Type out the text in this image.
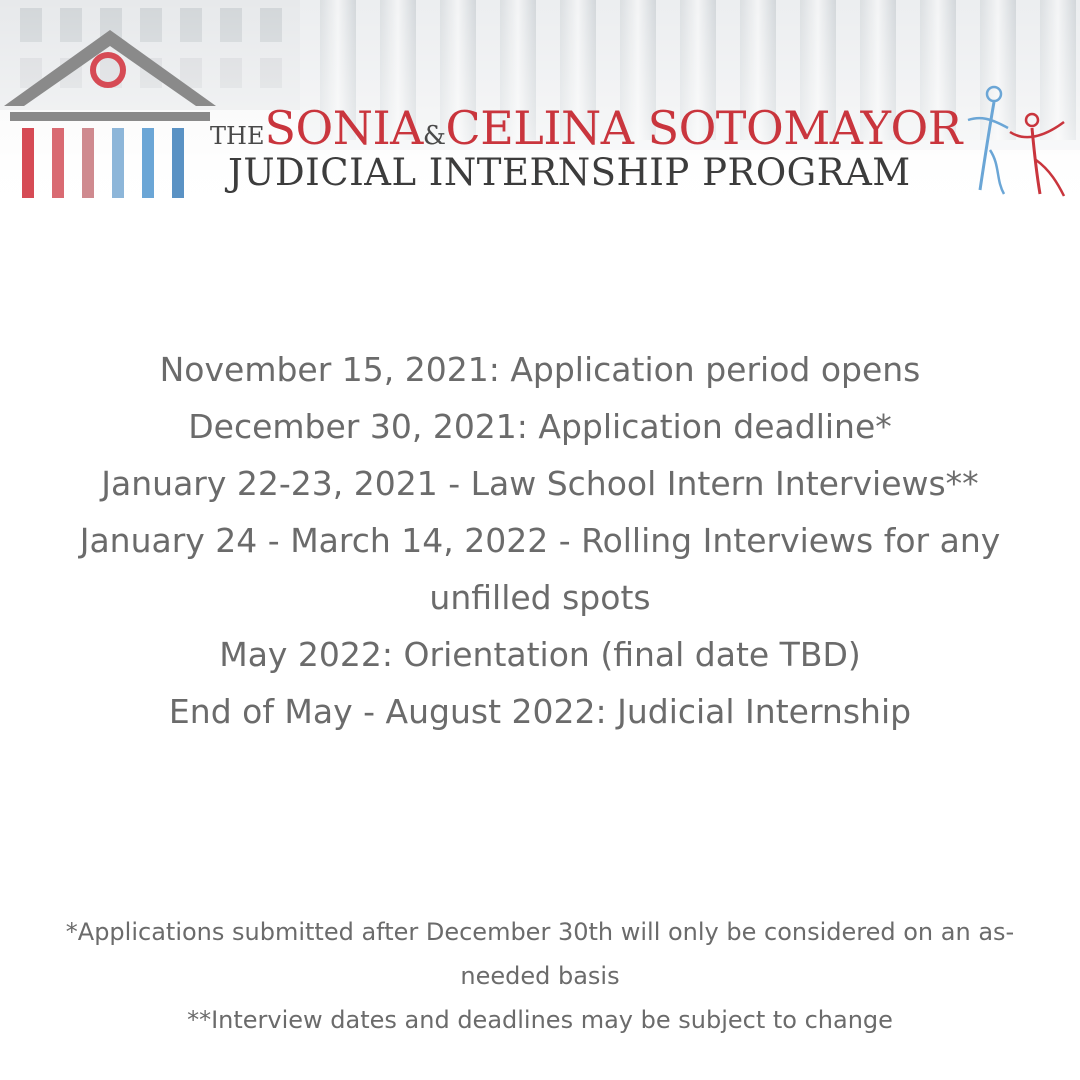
THESONIA&CELINA SOTOMAYOR
JUDICIAL INTERNSHIP PROGRAM
November 15, 2021: Application period opens
December 30, 2021: Application deadline*
January 22-23, 2021 - Law School Intern Interviews**
January 24 - March 14, 2022 - Rolling Interviews for any unfilled spots
May 2022: Orientation (final date TBD)
End of May - August 2022: Judicial Internship
*Applications submitted after December 30th will only be considered on an as-needed basis
**Interview dates and deadlines may be subject to change
